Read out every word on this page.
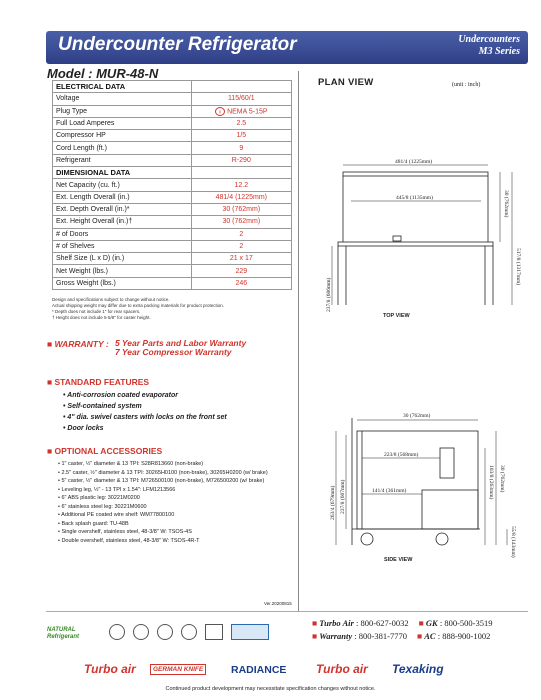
Undercounter Refrigerator	Undercounters
M3 Series
Model : MUR-48-N
ELECTRICAL DATA	
Voltage	115/60/1
Plug Type	|I NEMA 5-15P
Full Load Amperes	2.5
Compressor HP	1/5
Cord Length (ft.)	9
Refrigerant	R-290
DIMENSIONAL DATA	
Net Capacity (cu. ft.)	12.2
Ext. Length Overall (in.)	481/4 (1225mm)
Ext. Depth Overall (in.)*	30 (762mm)
Ext. Height Overall (in.)†	30 (762mm)
# of Doors	2
# of Shelves	2
Shelf Size (L x D) (in.)	21 x 17
Net Weight (lbs.)	229
Gross Weight (lbs.)	246
Design and specifications subject to change without notice.
Actual shipping weight may differ due to extra packing materials for product protection.
* Depth does not include 1" for rear spacers.
† Height does not include 5-5/8" for caster height.
■ WARRANTY : 5 Year Parts and Labor Warranty
7 Year Compressor Warranty
■ STANDARD FEATURES
• Anti-corrosion coated evaporator
• Self-contained system
• 4" dia. swivel casters with locks on the front set
• Door locks
■ OPTIONAL ACCESSORIES
• 1" caster, ½" diameter & 13 TPI: S28R813660 (non-brake)
• 2.5" caster, ½" diameter & 13 TPI: 30265H0100 (non-brake), 30265H0200 (w/ brake)
• 5" caster, ½" diameter & 13 TPI: M726500100 (non-brake), M726500200 (w/ brake)
• Leveling leg, ½" - 13 TPI x 1.54": LFM1213566
• 6" ABS plastic leg: 30221M0200
• 6" stainless steel leg: 30221M0600
• Additional PE coated wire shelf: WM77800100
• Back splash guard: TU-48B
• Single overshelf, stainless steel, 48-3/8" W: TSOS-4S
• Double overshelf, stainless steel, 48-3/8" W: TSOS-4R-T
Ver.20200815
PLAN VIEW	(unit : inch)
481/4 (1225mm)
445/8 (1135mm)	30 (762mm)
517/8 (1317mm)
237/8 (606mm)
30 (762mm)
223/8 (568mm)
141/4 (361mm)
263/4 (679mm) 237/8 (607mm)	103/8 (263mm) 30 (762mm)
55/8 (143mm)
TOP VIEW
SIDE VIEW
NATURAL
Refrigerant
■ Turbo Air : 800-627-0032 ■ GK : 800-500-3519
■ Warranty : 800-381-7770 ■ AC : 888-900-1002
Turbo air	GERMAN KNIFE	RADIANCE Turbo air Texaking
Continued product development may necessitate specification changes without notice.
